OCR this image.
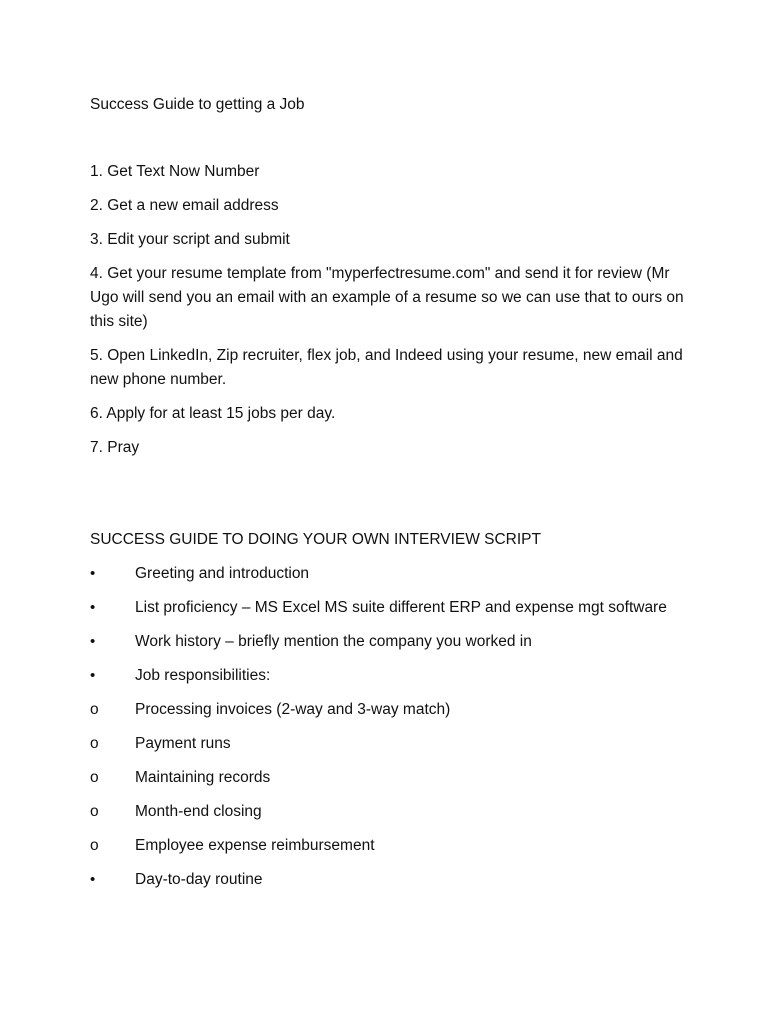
Success Guide to getting a Job

1. Get Text Now Number
2. Get a new email address
3. Edit your script and submit
4. Get your resume template from "myperfectresume.com" and send it for review (Mr Ugo will send you an email with an example of a resume so we can use that to ours on this site)
5. Open LinkedIn, Zip recruiter, flex job, and Indeed using your resume, new email and new phone number.
6. Apply for at least 15 jobs per day.
7. Pray

SUCCESS GUIDE TO DOING YOUR OWN INTERVIEW SCRIPT

•	Greeting and introduction
•	List proficiency – MS Excel MS suite different ERP and expense mgt software
•	Work history – briefly mention the company you worked in
•	Job responsibilities:
o	Processing invoices (2-way and 3-way match)
o	Payment runs
o	Maintaining records
o	Month-end closing
o	Employee expense reimbursement
•	Day-to-day routine
